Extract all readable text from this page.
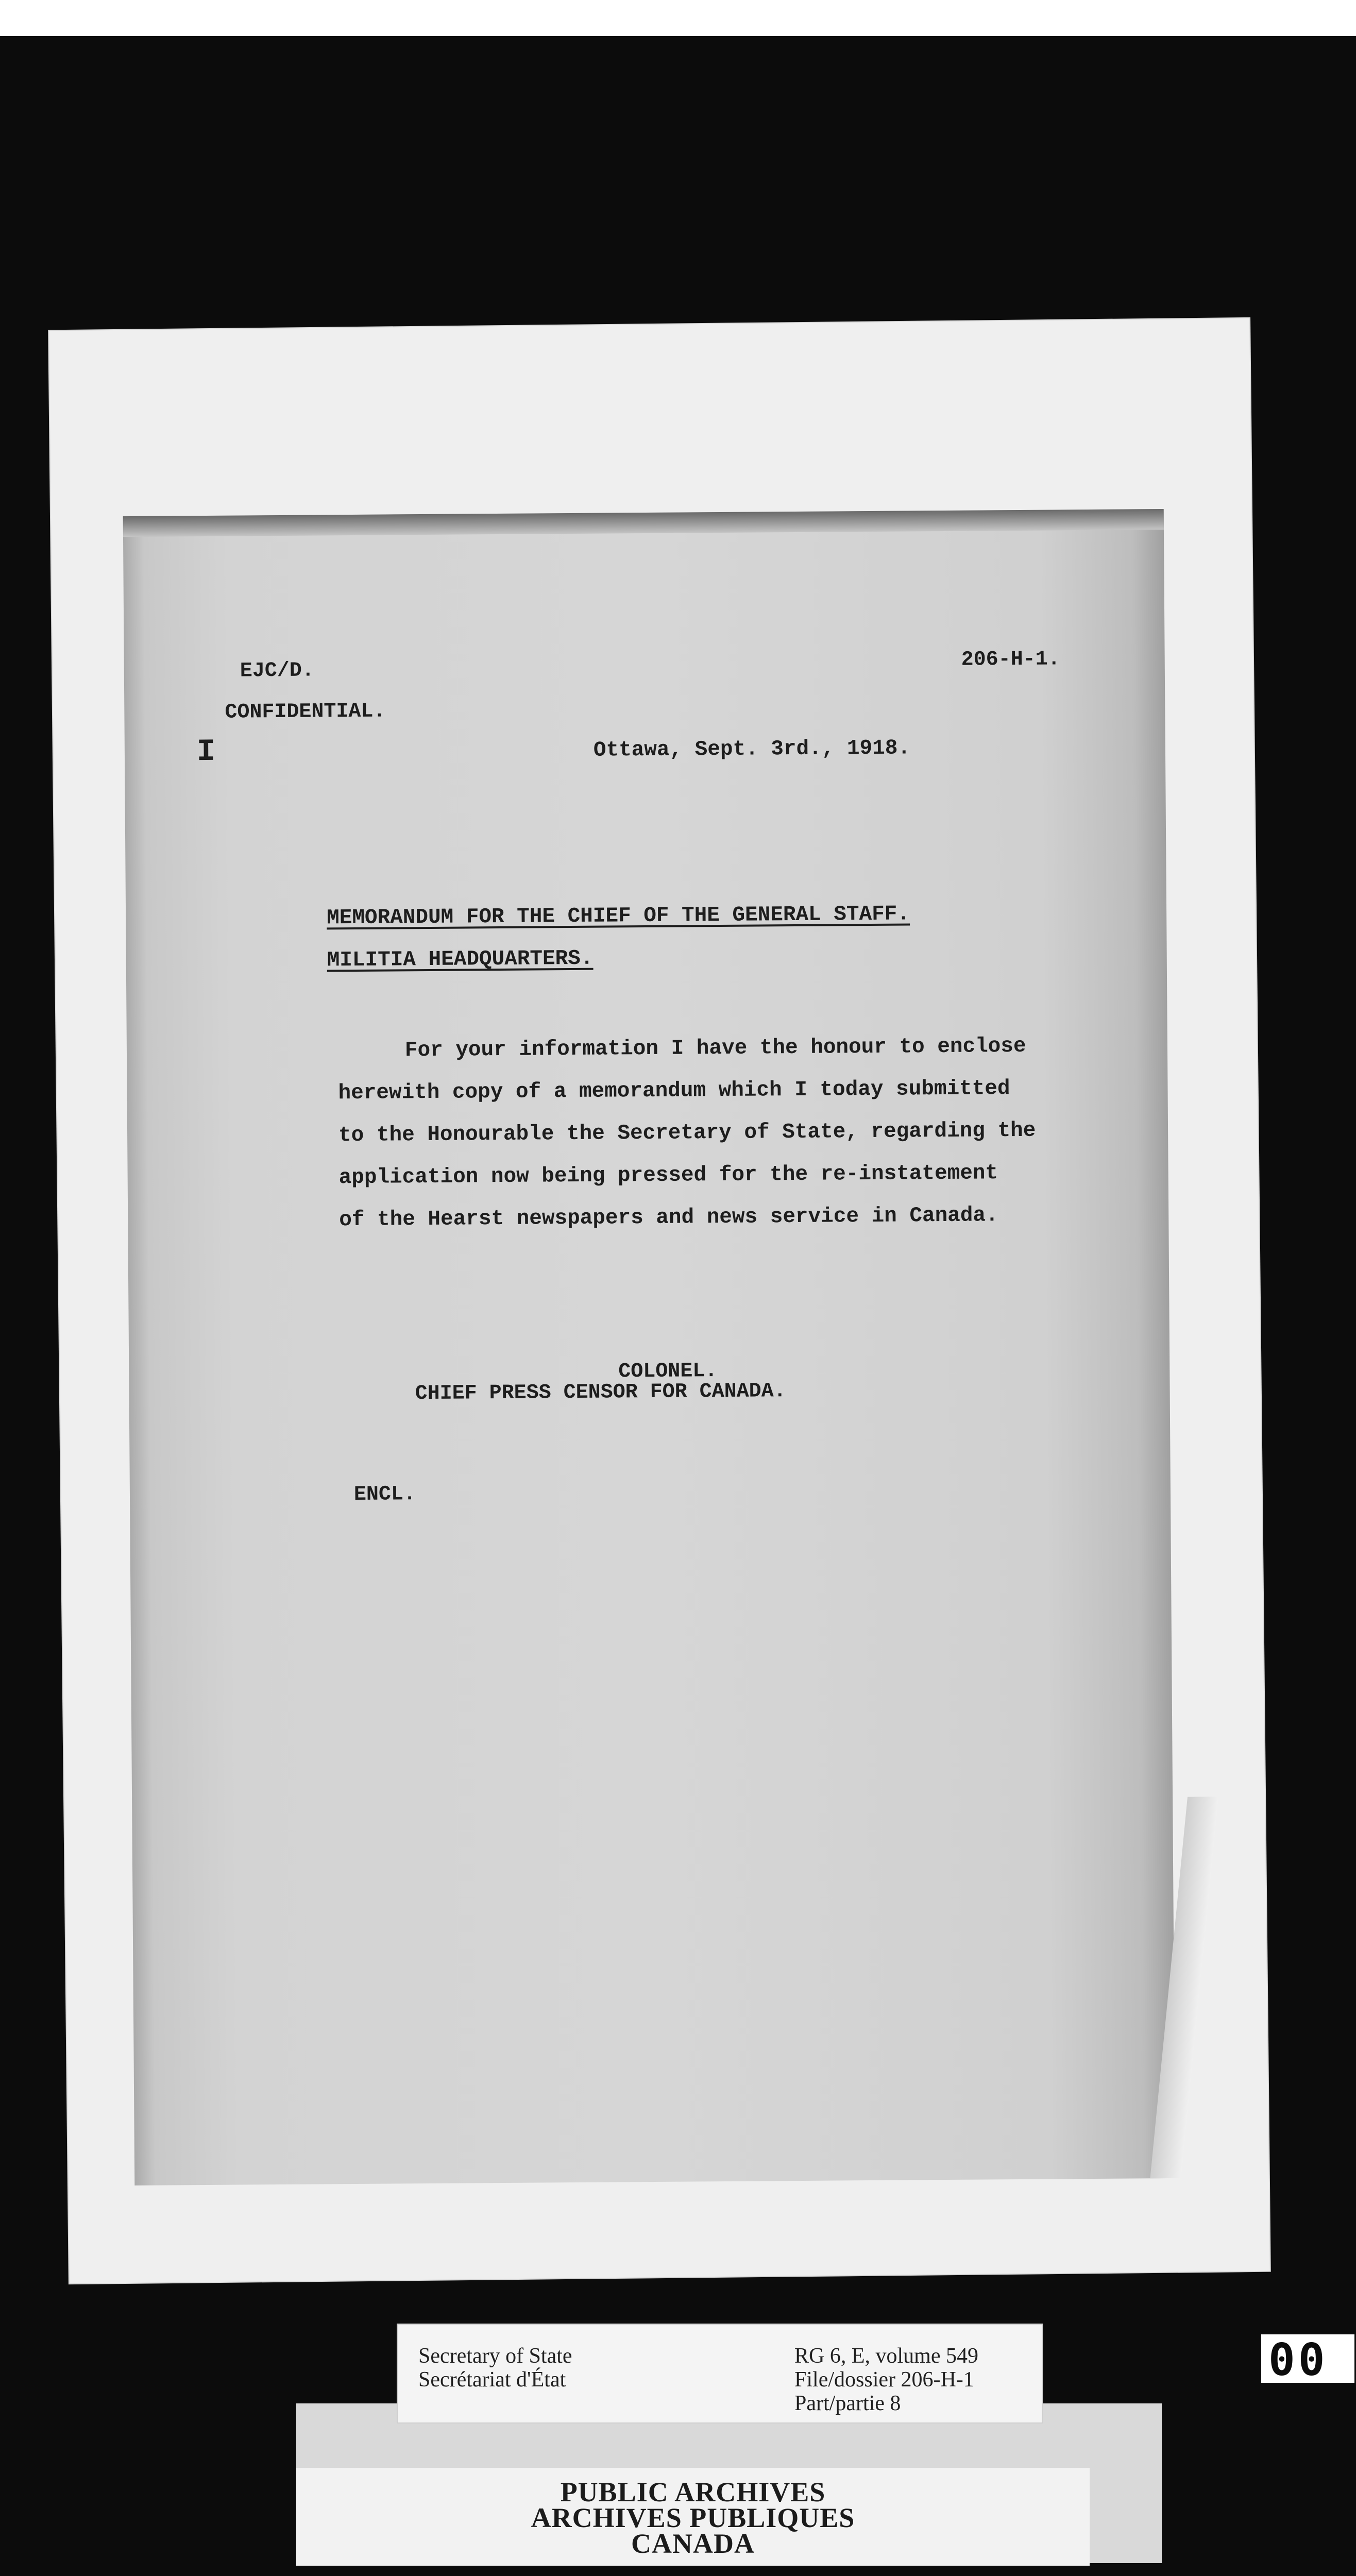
EJC/D.	206-H-1.
CONFIDENTIAL.
I	Ottawa, Sept. 3rd., 1918.
MEMORANDUM FOR THE CHIEF OF THE GENERAL STAFF.
MILITIA HEADQUARTERS.
For your information I have the honour to enclose
herewith copy of a memorandum which I today submitted
to the Honourable the Secretary of State, regarding the
application now being pressed for the re-instatement
of the Hearst newspapers and news service in Canada.
COLONEL.
CHIEF PRESS CENSOR FOR CANADA.
ENCL.
Secretary of State
Secrétariat d'État
RG 6, E, volume 549
File/dossier 206-H-1
Part/partie 8
PUBLIC ARCHIVES
ARCHIVES PUBLIQUES
CANADA
00
